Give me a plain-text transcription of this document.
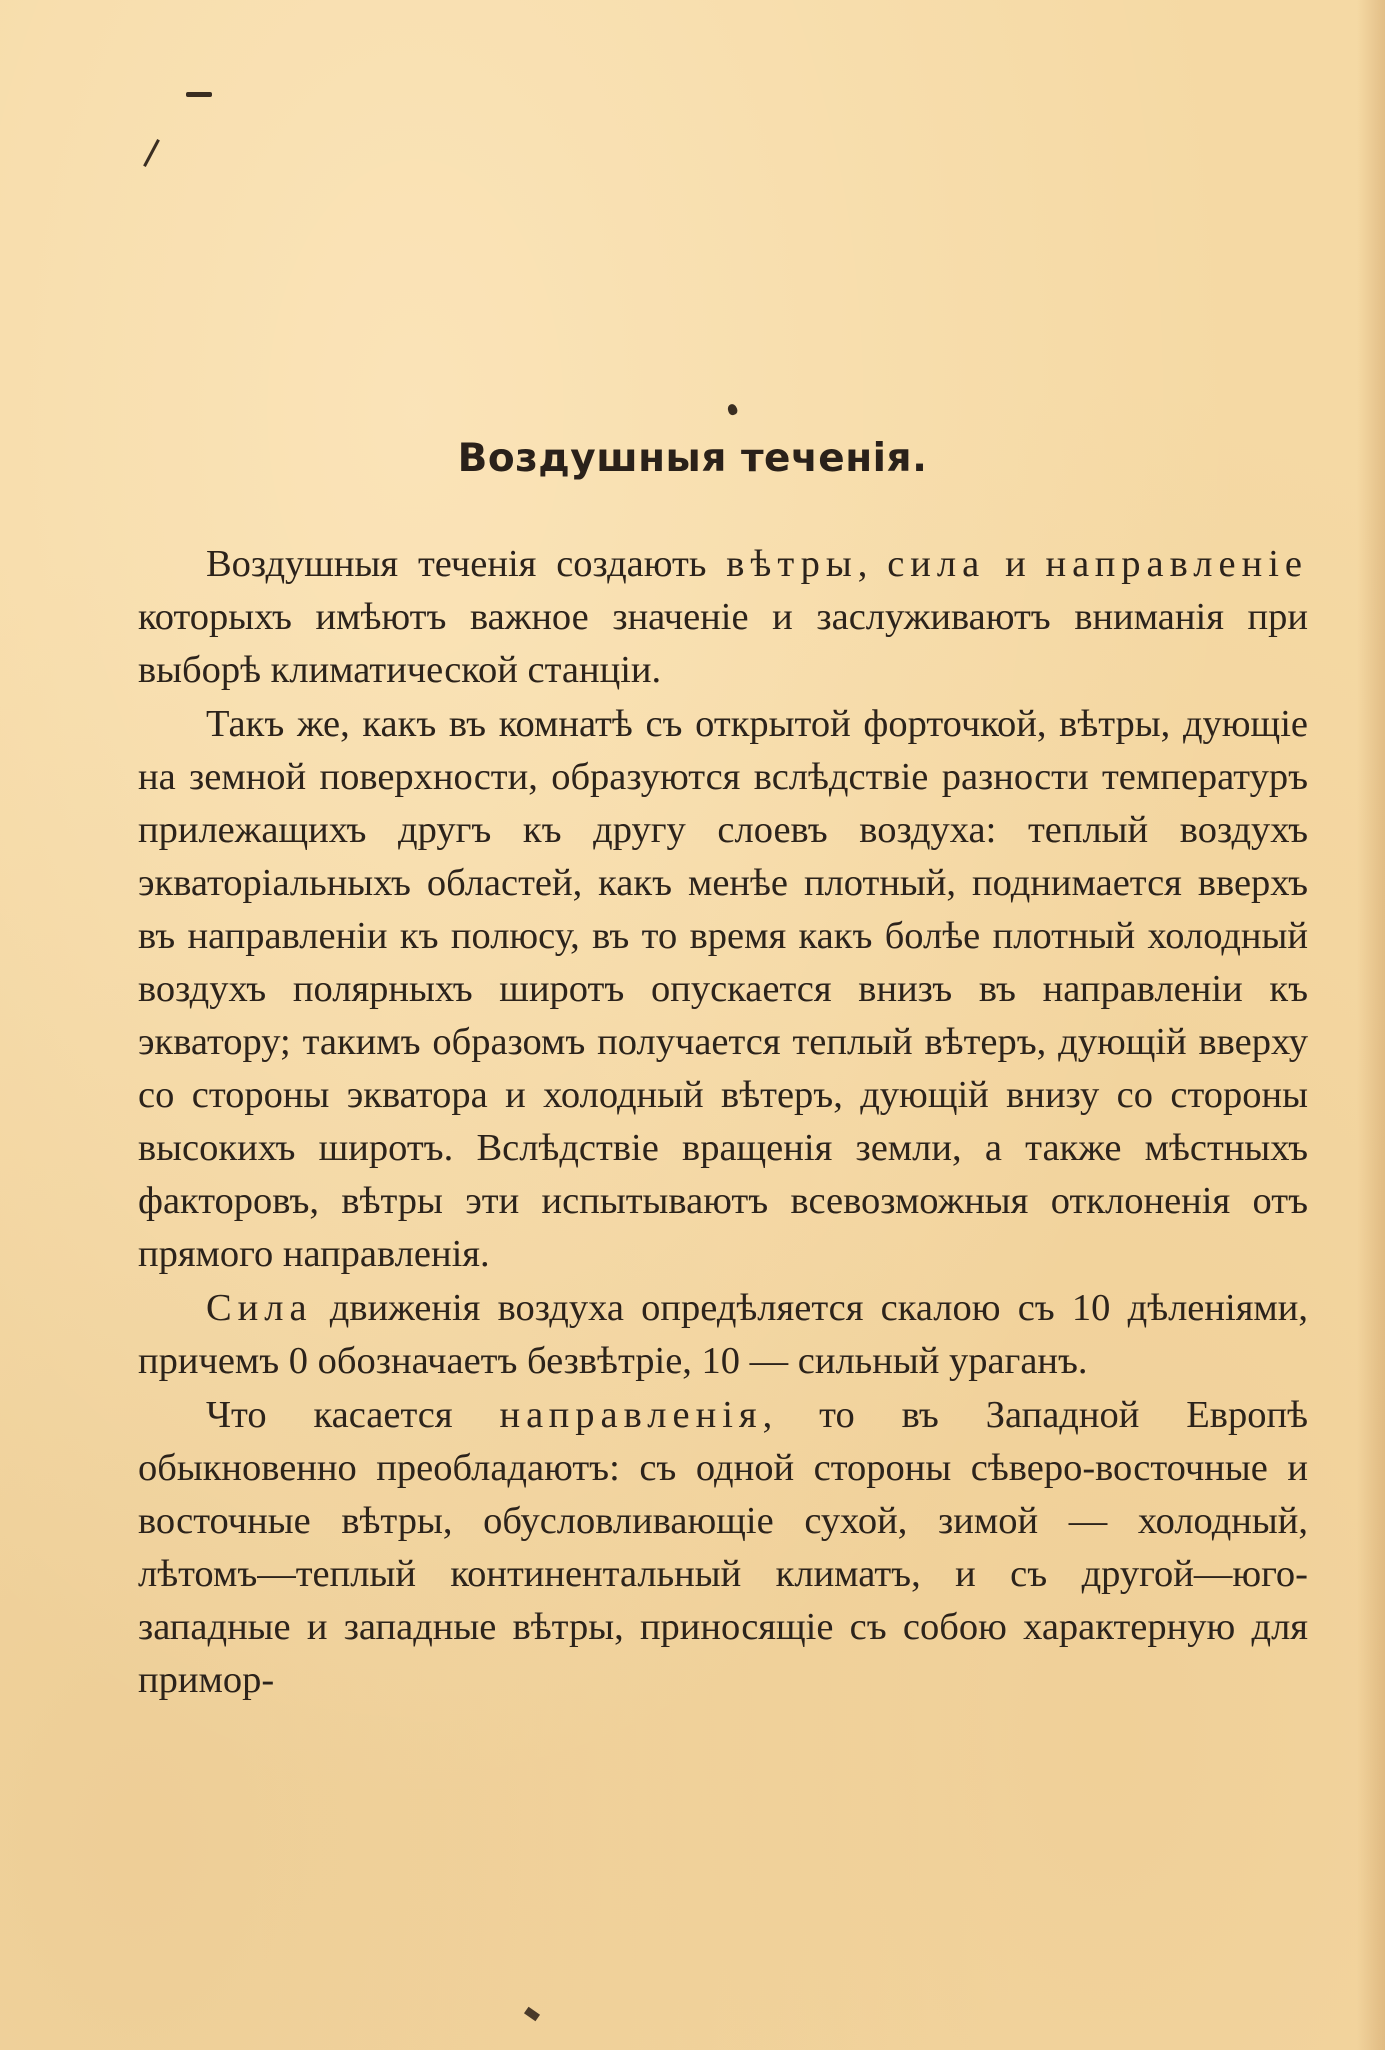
Воздушныя теченія.

Воздушныя теченія создають вѣтры, сила и направленіе которыхъ имѣютъ важное значеніе и заслуживаютъ вниманія при выборѣ климатической станціи.

Такъ же, какъ въ комнатѣ съ открытой форточкой, вѣтры, дующіе на земной поверхности, образуются вслѣдствіе разности температуръ прилежащихъ другъ къ другу слоевъ воздуха: теплый воздухъ экваторіальныхъ областей, какъ менѣе плотный, поднимается вверхъ въ направленіи къ полюсу, въ то время какъ болѣе плотный холодный воздухъ полярныхъ широтъ опускается внизъ въ направленіи къ экватору; такимъ образомъ получается теплый вѣтеръ, дующій вверху со стороны экватора и холодный вѣтеръ, дующій внизу со стороны высокихъ широтъ. Вслѣдствіе вращенія земли, а также мѣстныхъ факторовъ, вѣтры эти испытываютъ всевозможныя отклоненія отъ прямого направленія.

Сила движенія воздуха опредѣляется скалою съ 10 дѣленіями, причемъ 0 обозначаетъ безвѣтріе, 10 — сильный ураганъ.

Что касается направленія, то въ Западной Европѣ обыкновенно преобладаютъ: съ одной стороны сѣверо-восточные и восточные вѣтры, обусловливающіе сухой, зимой — холодный, лѣтомъ—теплый континентальный климатъ, и съ другой—юго-западные и западные вѣтры, приносящіе съ собою характерную для примор-
